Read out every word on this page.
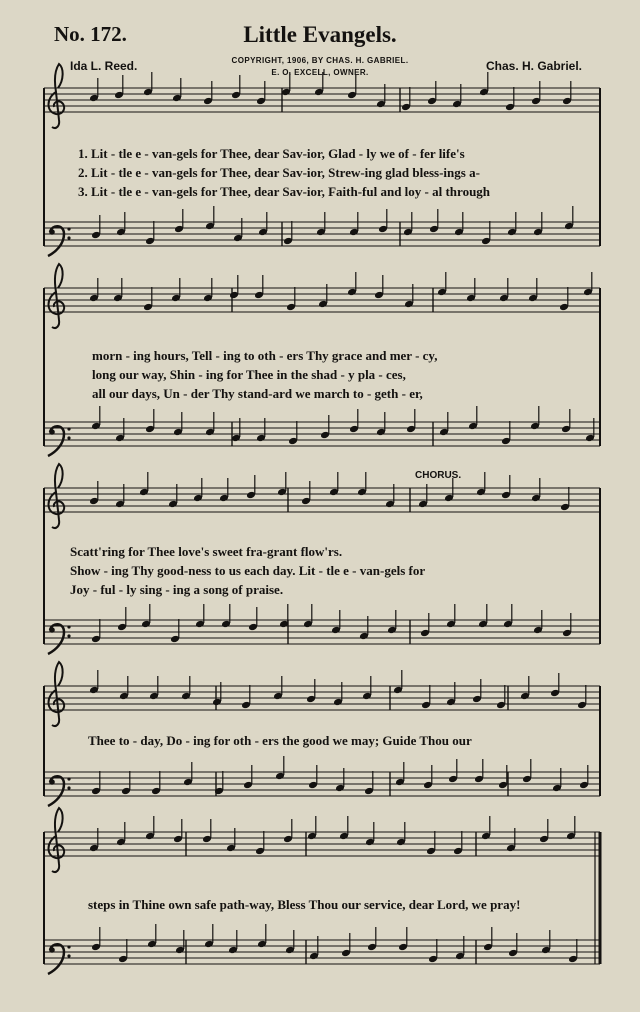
No. 172.	Little Evangels.
Ida L. Reed.	Chas. H. Gabriel.
COPYRIGHT, 1906, BY CHAS. H. GABRIEL.
E. O. EXCELL, OWNER.
1. Lit - tle e - van-gels for Thee, dear Sav-ior, Glad - ly we of - fer life's
2. Lit - tle e - van-gels for Thee, dear Sav-ior, Strew-ing glad bless-ings a-
3. Lit - tle e - van-gels for Thee, dear Sav-ior, Faith-ful and loy - al through
morn - ing hours, Tell - ing to oth - ers Thy grace and mer - cy,
long our way, Shin - ing for Thee in the shad - y pla - ces,
all our days, Un - der Thy stand-ard we march to - geth - er,
CHORUS.
Scatt'ring for Thee love's sweet fra-grant flow'rs.
Show - ing Thy good-ness to us each day. Lit - tle e - van-gels for
Joy - ful - ly sing - ing a song of praise.
Thee to - day, Do - ing for oth - ers the good we may; Guide Thou our
steps in Thine own safe path-way, Bless Thou our service, dear Lord, we pray!
